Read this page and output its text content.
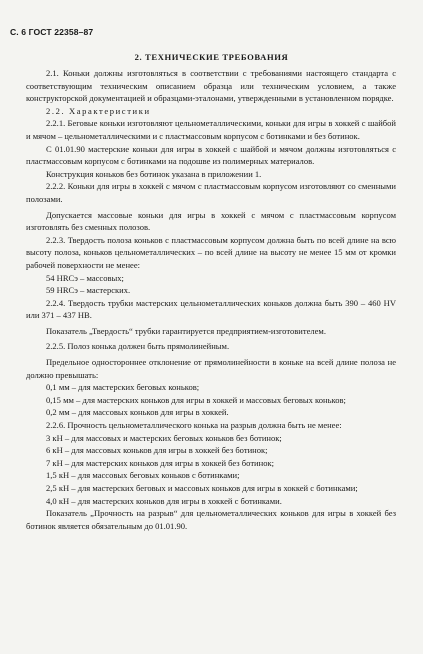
С. 6 ГОСТ 22358–87
2. ТЕХНИЧЕСКИЕ ТРЕБОВАНИЯ

2.1. Коньки должны изготовляться в соответствии с требованиями настоящего стандарта с соответствующим техническим описанием образца или техническим условием, а также конструкторской документацией и образцами-эталонами, утвержденными в установленном порядке.

2.2. Характеристики

2.2.1. Беговые коньки изготовляют цельнометаллическими, коньки для игры в хоккей с шайбой и мячом – цельнометаллическими и с пластмассовым корпусом с ботинками и без ботинок.

С 01.01.90 мастерские коньки для игры в хоккей с шайбой и мячом должны изготовляться с пластмассовым корпусом с ботинками на подошве из полимерных материалов.

Конструкция коньков без ботинок указана в приложении 1.

2.2.2. Коньки для игры в хоккей с мячом с пластмассовым корпусом изготовляют со сменными полозами.

Допускается массовые коньки для игры в хоккей с мячом с пластмассовым корпусом изготовлять без сменных полозов.

2.2.3. Твердость полоза коньков с пластмассовым корпусом должна быть по всей длине на всю высоту полоза, коньков цельнометаллических – по всей длине на высоту не менее 15 мм от кромки рабочей поверхности не менее:

54 HRCэ – массовых;

59 HRCэ – мастерских.

2.2.4. Твердость трубки мастерских цельнометаллических коньков должна быть 390 – 460 HV или 371 – 437 HB.

Показатель „Твердость“ трубки гарантируется предприятием-изготовителем.

2.2.5. Полоз конька должен быть прямолинейным.

Предельное одностороннее отклонение от прямолинейности в коньке на всей длине полоза не должно превышать:

0,1 мм – для мастерских беговых коньков;

0,15 мм – для мастерских коньков для игры в хоккей и массовых беговых коньков;

0,2 мм – для массовых коньков для игры в хоккей.

2.2.6. Прочность цельнометаллического конька на разрыв должна быть не менее:

3 кН – для массовых и мастерских беговых коньков без ботинок;

6 кН – для массовых коньков для игры в хоккей без ботинок;

7 кН – для мастерских коньков для игры в хоккей без ботинок;

1,5 кН – для массовых беговых коньков с ботинками;

2,5 кН – для мастерских беговых и массовых коньков для игры в хоккей с ботинками;

4,0 кН – для мастерских коньков для игры в хоккей с ботинками.

Показатель „Прочность на разрыв“ для цельнометаллических коньков для игры в хоккей без ботинок является обязательным до 01.01.90.
